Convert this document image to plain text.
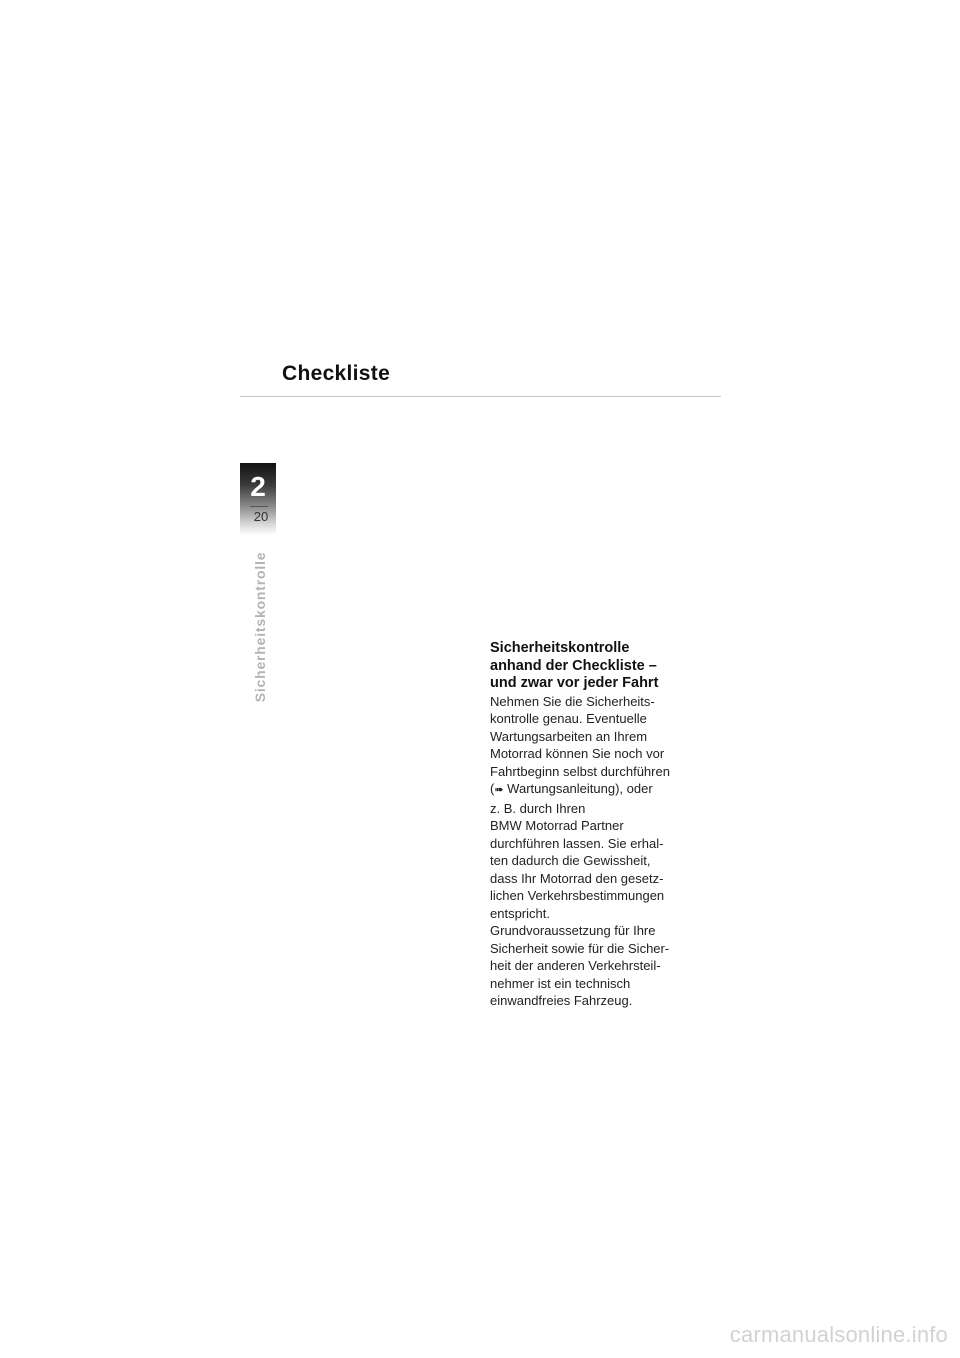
Checkliste
2
20
Sicherheitskontrolle	Sicherheitskontrolle
anhand der Checkliste –
und zwar vor jeder Fahrt

Nehmen Sie die Sicherheits-
kontrolle genau. Eventuelle
Wartungsarbeiten an Ihrem
Motorrad können Sie noch vor
Fahrtbeginn selbst durchführen
(➠ Wartungsanleitung), oder
z. B. durch Ihren
BMW Motorrad Partner
durchführen lassen. Sie erhal-
ten dadurch die Gewissheit,
dass Ihr Motorrad den gesetz-
lichen Verkehrsbestimmungen
entspricht.

Grundvoraussetzung für Ihre
Sicherheit sowie für die Sicher-
heit der anderen Verkehrsteil-
nehmer ist ein technisch
einwandfreies Fahrzeug.

carmanualsonline.info
